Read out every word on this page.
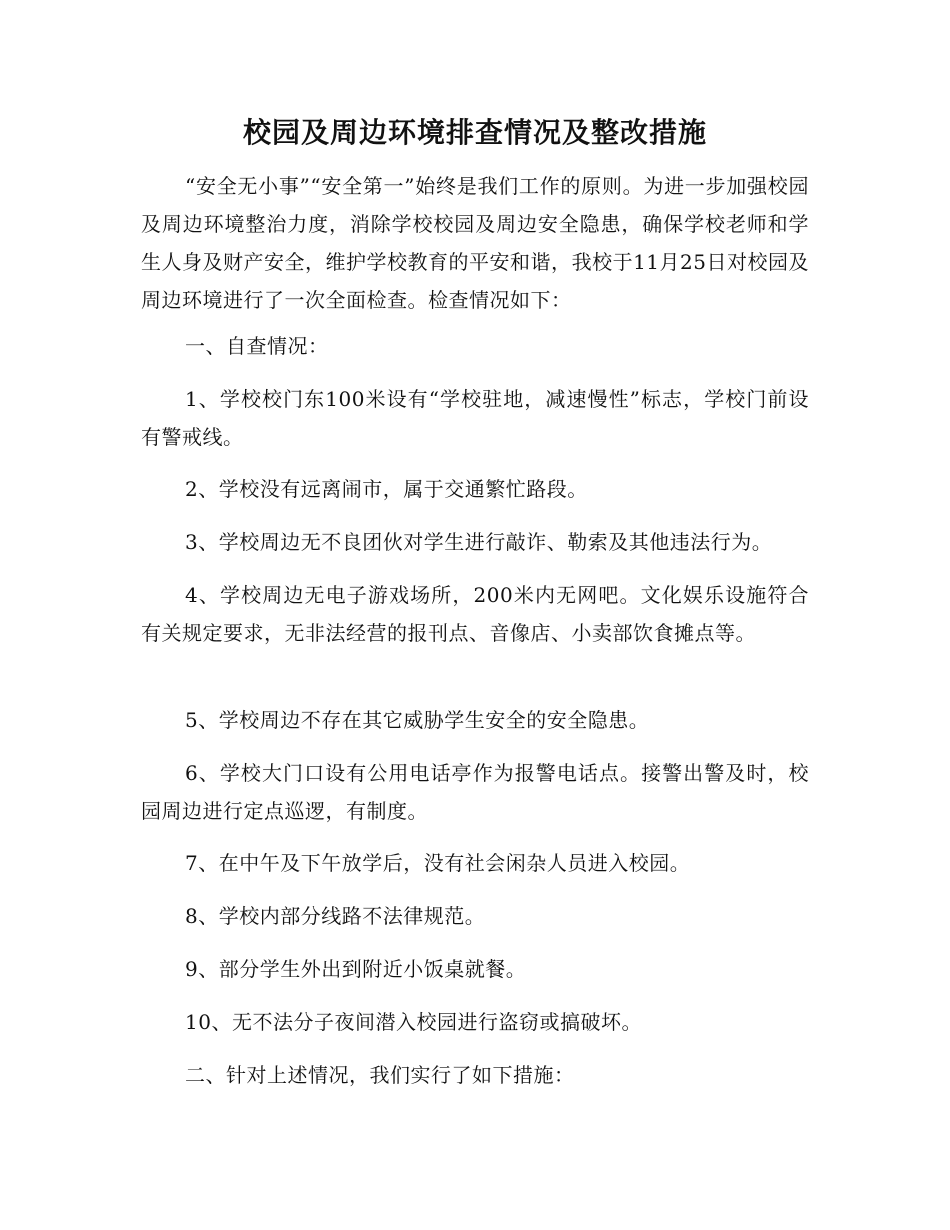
校园及周边环境排查情况及整改措施

“安全无小事”“安全第一”始终是我们工作的原则。为进一步加强校园及周边环境整治力度，消除学校校园及周边安全隐患，确保学校老师和学生人身及财产安全，维护学校教育的平安和谐，我校于11月25日对校园及周边环境进行了一次全面检查。检查情况如下：

一、自查情况：

1、学校校门东100米设有“学校驻地，减速慢性”标志，学校门前设有警戒线。

2、学校没有远离闹市，属于交通繁忙路段。

3、学校周边无不良团伙对学生进行敲诈、勒索及其他违法行为。

4、学校周边无电子游戏场所，200米内无网吧。文化娱乐设施符合有关规定要求，无非法经营的报刊点、音像店、小卖部饮食摊点等。

5、学校周边不存在其它威胁学生安全的安全隐患。

6、学校大门口设有公用电话亭作为报警电话点。接警出警及时，校园周边进行定点巡逻，有制度。

7、在中午及下午放学后，没有社会闲杂人员进入校园。

8、学校内部分线路不法律规范。

9、部分学生外出到附近小饭桌就餐。

10、无不法分子夜间潜入校园进行盗窃或搞破坏。

二、针对上述情况，我们实行了如下措施：
